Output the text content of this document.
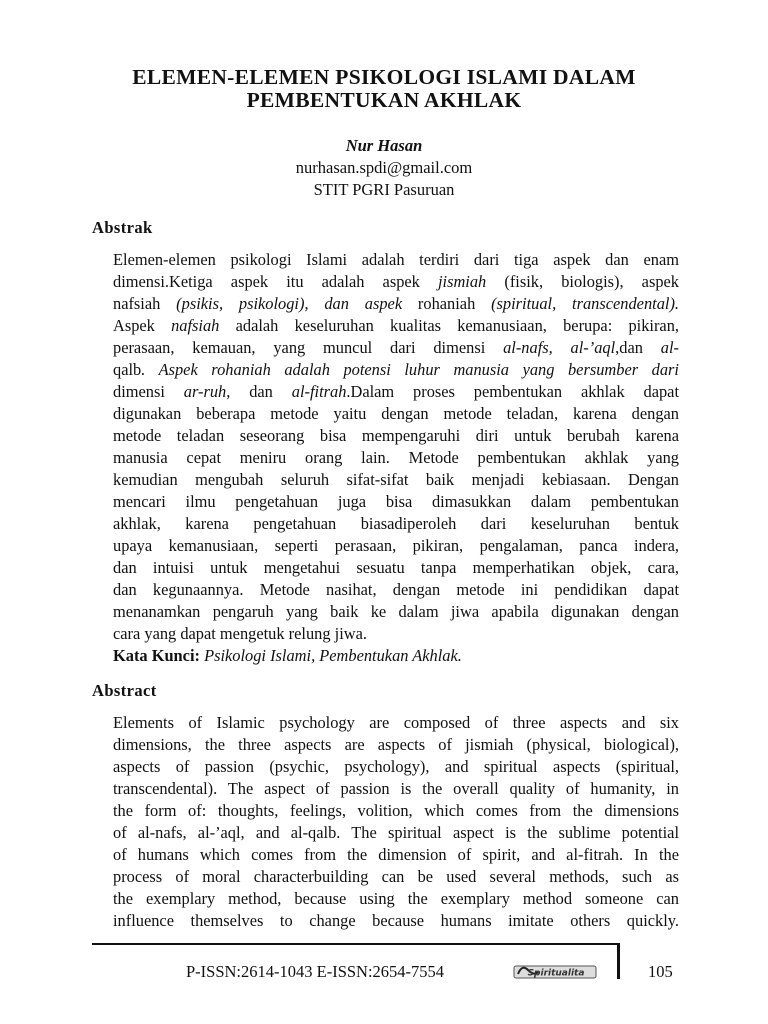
ELEMEN-ELEMEN PSIKOLOGI ISLAMI DALAM
PEMBENTUKAN AKHLAK
Nur Hasan
nurhasan.spdi@gmail.com
STIT PGRI Pasuruan
Abstrak
Elemen-elemen psikologi Islami adalah terdiri dari tiga aspek dan enam
dimensi.Ketiga aspek itu adalah aspek jismiah (fisik, biologis), aspek
nafsiah (psikis, psikologi), dan aspek rohaniah (spiritual, transcendental).
Aspek nafsiah adalah keseluruhan kualitas kemanusiaan, berupa: pikiran,
perasaan, kemauan, yang muncul dari dimensi al-nafs, al-’aql,dan al-
qalb. Aspek rohaniah adalah potensi luhur manusia yang bersumber dari
dimensi ar-ruh, dan al-fitrah.Dalam proses pembentukan akhlak dapat
digunakan beberapa metode yaitu dengan metode teladan, karena dengan
metode teladan seseorang bisa mempengaruhi diri untuk berubah karena
manusia cepat meniru orang lain. Metode pembentukan akhlak yang
kemudian mengubah seluruh sifat-sifat baik menjadi kebiasaan. Dengan
mencari ilmu pengetahuan juga bisa dimasukkan dalam pembentukan
akhlak, karena pengetahuan biasadiperoleh dari keseluruhan bentuk
upaya kemanusiaan, seperti perasaan, pikiran, pengalaman, panca indera,
dan intuisi untuk mengetahui sesuatu tanpa memperhatikan objek, cara,
dan kegunaannya. Metode nasihat, dengan metode ini pendidikan dapat
menanamkan pengaruh yang baik ke dalam jiwa apabila digunakan dengan
cara yang dapat mengetuk relung jiwa.
Kata Kunci: Psikologi Islami, Pembentukan Akhlak.
Abstract
Elements of Islamic psychology are composed of three aspects and six
dimensions, the three aspects are aspects of jismiah (physical, biological),
aspects of passion (psychic, psychology), and spiritual aspects (spiritual,
transcendental). The aspect of passion is the overall quality of humanity, in
the form of: thoughts, feelings, volition, which comes from the dimensions
of al-nafs, al-’aql, and al-qalb. The spiritual aspect is the sublime potential
of humans which comes from the dimension of spirit, and al-fitrah. In the
process of moral characterbuilding can be used several methods, such as
the exemplary method, because using the exemplary method someone can
influence themselves to change because humans imitate others quickly.
P-ISSN:2614-1043 E-ISSN:2654-7554	Spiritualita	105
